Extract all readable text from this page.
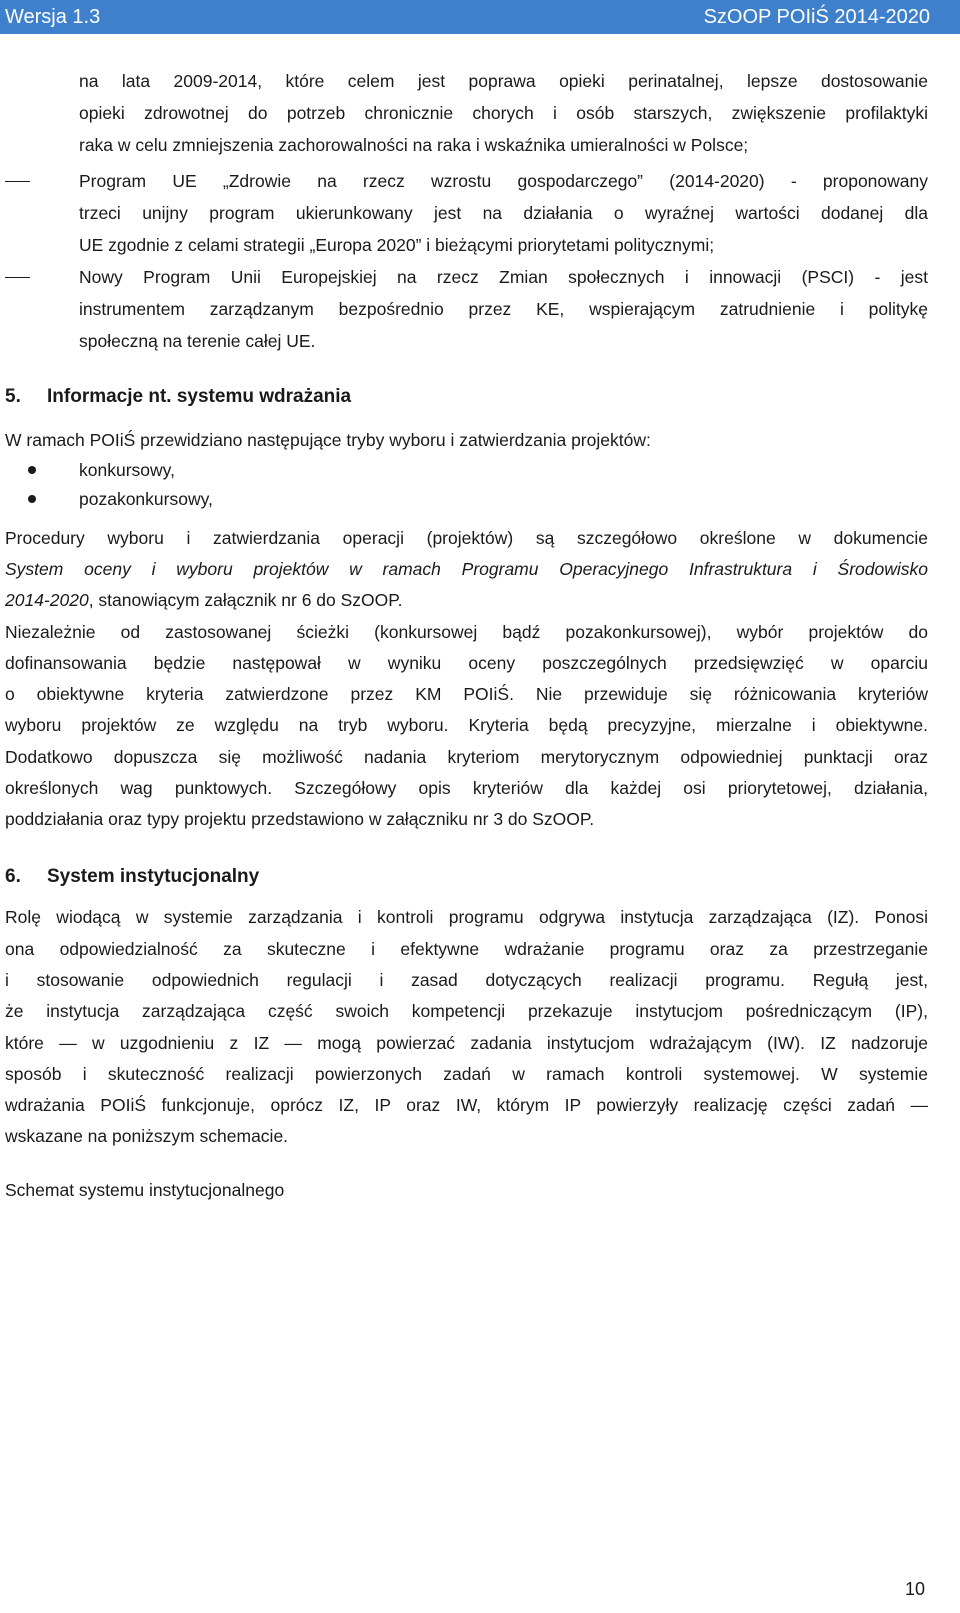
Wersja 1.3	SzOOP POIiŚ 2014-2020
na lata 2009-2014, które celem jest poprawa opieki perinatalnej, lepsze dostosowanie
opieki zdrowotnej do potrzeb chronicznie chorych i osób starszych, zwiększenie profilaktyki
raka w celu zmniejszenia zachorowalności na raka i wskaźnika umieralności w Polsce;
Program UE „Zdrowie na rzecz wzrostu gospodarczego” (2014-2020) - proponowany
trzeci unijny program ukierunkowany jest na działania o wyraźnej wartości dodanej dla
UE zgodnie z celami strategii „Europa 2020” i bieżącymi priorytetami politycznymi;
Nowy Program Unii Europejskiej na rzecz Zmian społecznych i innowacji (PSCI) - jest
instrumentem zarządzanym bezpośrednio przez KE, wspierającym zatrudnienie i politykę
społeczną na terenie całej UE.
5. Informacje nt. systemu wdrażania
W ramach POIiŚ przewidziano następujące tryby wyboru i zatwierdzania projektów:
konkursowy,
pozakonkursowy,
Procedury wyboru i zatwierdzania operacji (projektów) są szczegółowo określone w dokumencie
System oceny i wyboru projektów w ramach Programu Operacyjnego Infrastruktura i Środowisko
2014-2020, stanowiącym załącznik nr 6 do SzOOP.
Niezależnie od zastosowanej ścieżki (konkursowej bądź pozakonkursowej), wybór projektów do
dofinansowania będzie następował w wyniku oceny poszczególnych przedsięwzięć w oparciu
o obiektywne kryteria zatwierdzone przez KM POIiŚ. Nie przewiduje się różnicowania kryteriów
wyboru projektów ze względu na tryb wyboru. Kryteria będą precyzyjne, mierzalne i obiektywne.
Dodatkowo dopuszcza się możliwość nadania kryteriom merytorycznym odpowiedniej punktacji oraz
określonych wag punktowych. Szczegółowy opis kryteriów dla każdej osi priorytetowej, działania,
poddziałania oraz typy projektu przedstawiono w załączniku nr 3 do SzOOP.
6. System instytucjonalny
Rolę wiodącą w systemie zarządzania i kontroli programu odgrywa instytucja zarządzająca (IZ). Ponosi
ona odpowiedzialność za skuteczne i efektywne wdrażanie programu oraz za przestrzeganie
i stosowanie odpowiednich regulacji i zasad dotyczących realizacji programu. Regułą jest,
że instytucja zarządzająca część swoich kompetencji przekazuje instytucjom pośredniczącym (IP),
które — w uzgodnieniu z IZ — mogą powierzać zadania instytucjom wdrażającym (IW). IZ nadzoruje
sposób i skuteczność realizacji powierzonych zadań w ramach kontroli systemowej. W systemie
wdrażania POIiŚ funkcjonuje, oprócz IZ, IP oraz IW, którym IP powierzyły realizację części zadań —
wskazane na poniższym schemacie.
Schemat systemu instytucjonalnego
10
